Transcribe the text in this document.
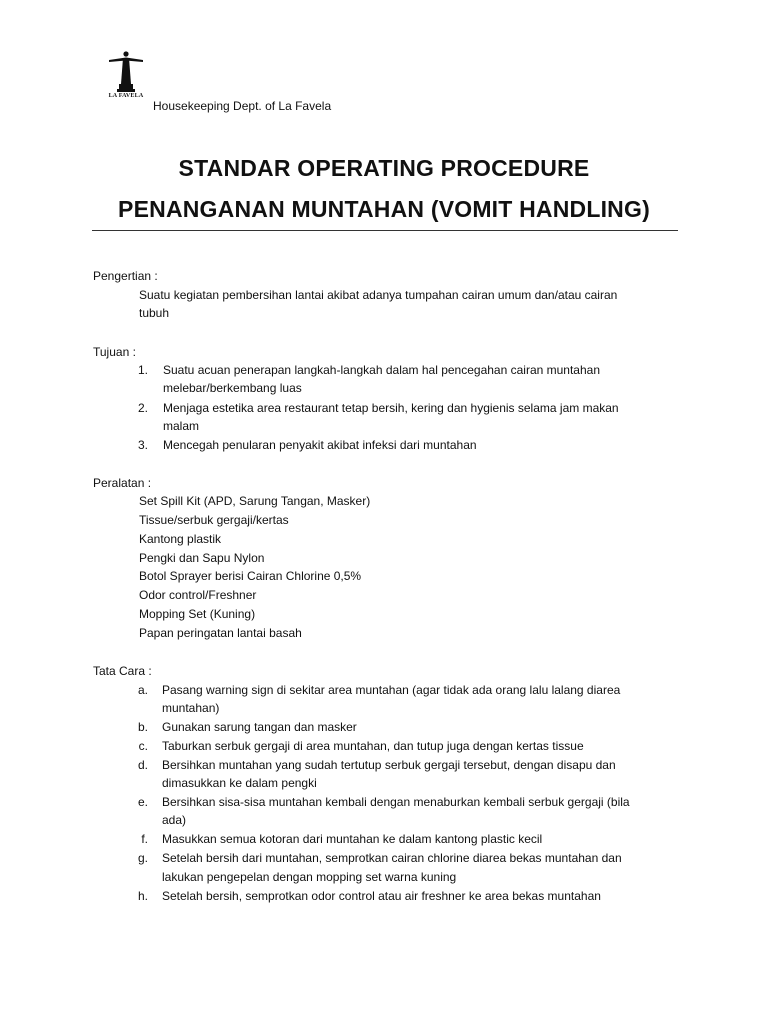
LA FAVELA
Housekeeping Dept. of La Favela
STANDAR OPERATING PROCEDURE
PENANGANAN MUNTAHAN (VOMIT HANDLING)
Pengertian :
Suatu kegiatan pembersihan lantai akibat adanya tumpahan cairan umum dan/atau cairan
tubuh
Tujuan :
1. Suatu acuan penerapan langkah-langkah dalam hal pencegahan cairan muntahan
melebar/berkembang luas
2. Menjaga estetika area restaurant tetap bersih, kering dan hygienis selama jam makan
malam
3. Mencegah penularan penyakit akibat infeksi dari muntahan
Peralatan :
Set Spill Kit (APD, Sarung Tangan, Masker)
Tissue/serbuk gergaji/kertas
Kantong plastik
Pengki dan Sapu Nylon
Botol Sprayer berisi Cairan Chlorine 0,5%
Odor control/Freshner
Mopping Set (Kuning)
Papan peringatan lantai basah
Tata Cara :
a. Pasang warning sign di sekitar area muntahan (agar tidak ada orang lalu lalang diarea
muntahan)
b. Gunakan sarung tangan dan masker
c. Taburkan serbuk gergaji di area muntahan, dan tutup juga dengan kertas tissue
d. Bersihkan muntahan yang sudah tertutup serbuk gergaji tersebut, dengan disapu dan
dimasukkan ke dalam pengki
e. Bersihkan sisa-sisa muntahan kembali dengan menaburkan kembali serbuk gergaji (bila
ada)
f. Masukkan semua kotoran dari muntahan ke dalam kantong plastic kecil
g. Setelah bersih dari muntahan, semprotkan cairan chlorine diarea bekas muntahan dan
lakukan pengepelan dengan mopping set warna kuning
h. Setelah bersih, semprotkan odor control atau air freshner ke area bekas muntahan
